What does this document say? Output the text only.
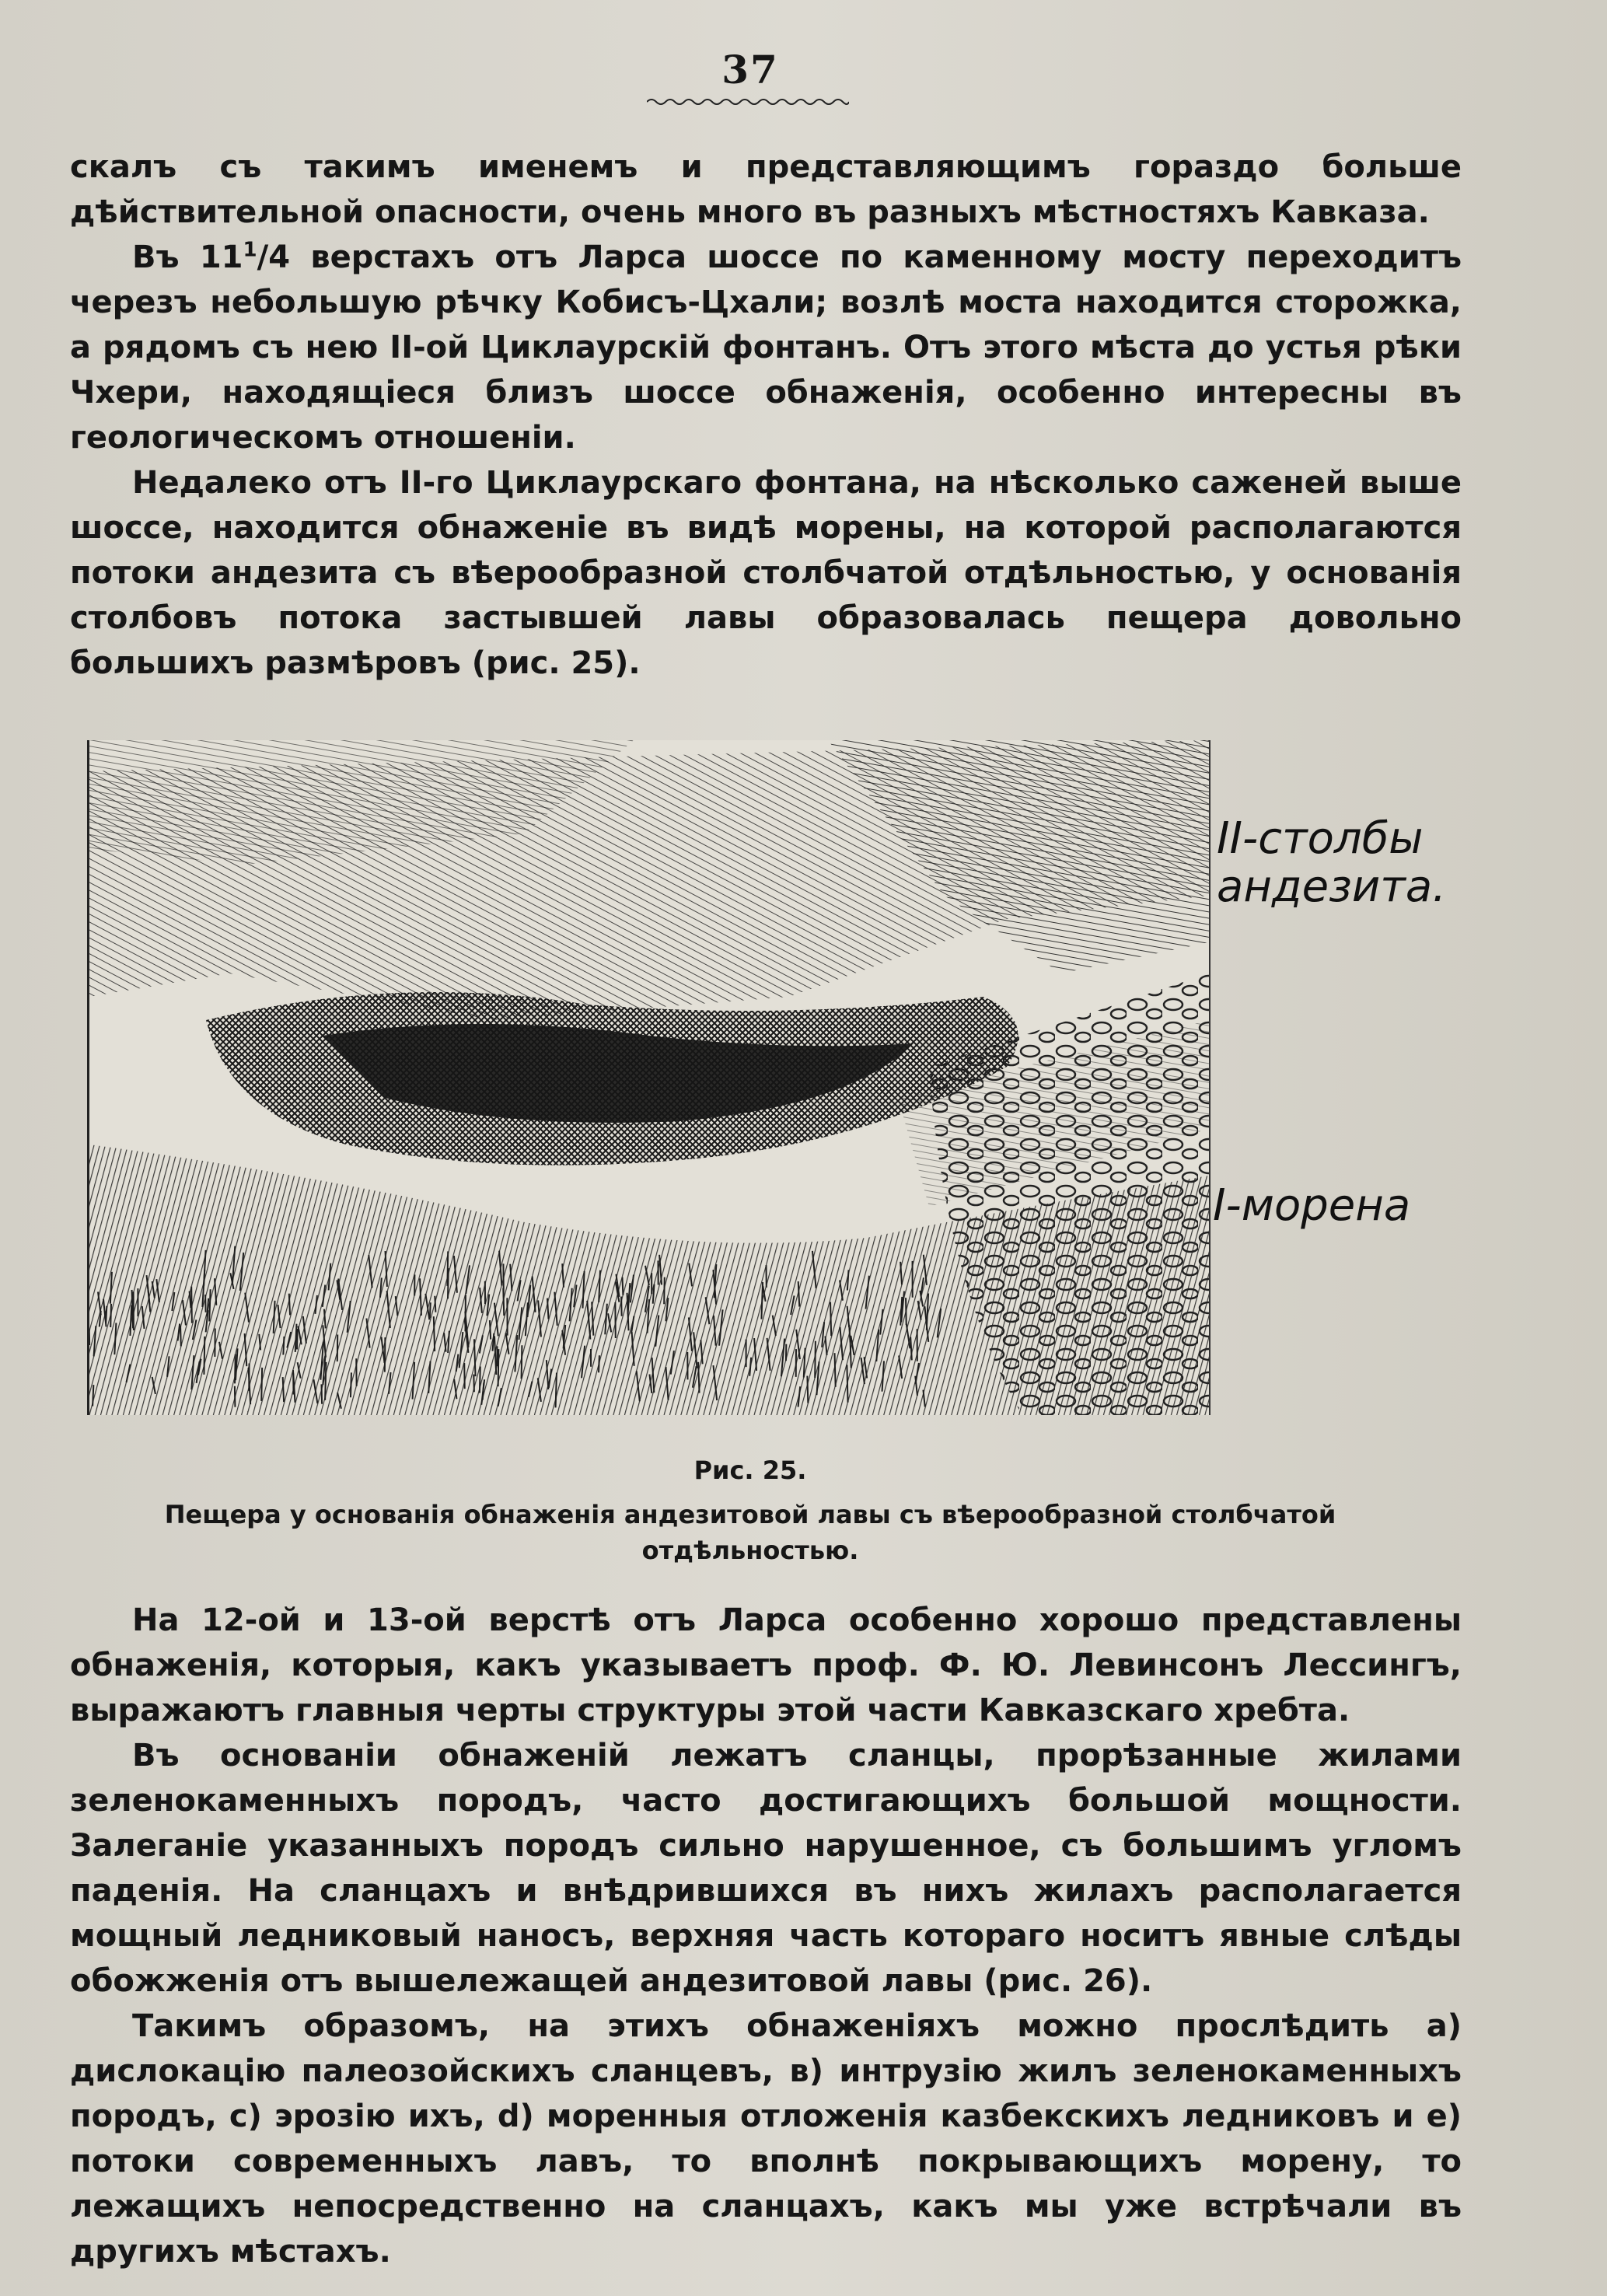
37

скалъ съ такимъ именемъ и представляющимъ гораздо больше дѣйствительной опасности, очень много въ разныхъ мѣстностяхъ Кавказа.

Въ $11^1/4$ верстахъ отъ Ларса шоссе по каменному мосту переходитъ черезъ небольшую рѣчку Кобисъ-Цхали; возлѣ моста находится сторожка, а рядомъ съ нею II-ой Циклаурскій фонтанъ. Отъ этого мѣста до устья рѣки Чхери, находящіеся близъ шоссе обнаженія, особенно интересны въ геологическомъ отношеніи.

Недалеко отъ II-го Циклаурскаго фонтана, на нѣсколько саженей выше шоссе, находится обнаженіе въ видѣ морены, на которой располагаются потоки андезита съ вѣерообразной столбчатой отдѣльностью, у основанія столбовъ потока застывшей лавы образовалась пещера довольно большихъ размѣровъ (рис. 25).

II-столбы
андезита.
I-морена
Рис. 25.
Пещера у основанія обнаженія андезитовой лавы съ вѣерообразной столбчатой отдѣльностью.

На 12-ой и 13-ой верстѣ отъ Ларса особенно хорошо представлены обнаженія, которыя, какъ указываетъ проф. Ф. Ю. Левинсонъ Лессингъ, выражаютъ главныя черты структуры этой части Кавказскаго хребта.

Въ основаніи обнаженій лежатъ сланцы, прорѣзанные жилами зеленокаменныхъ породъ, часто достигающихъ большой мощности. Залеганіе указанныхъ породъ сильно нарушенное, съ большимъ угломъ паденія. На сланцахъ и внѣдрившихся въ нихъ жилахъ располагается мощный ледниковый наносъ, верхняя часть котораго носитъ явные слѣды обожженія отъ вышележащей андезитовой лавы (рис. 26).

Такимъ образомъ, на этихъ обнаженіяхъ можно прослѣдить а) дислокацію палеозойскихъ сланцевъ, в) интрузію жилъ зеленокаменныхъ породъ, с) эрозію ихъ, d) моренныя отложенія казбекскихъ ледниковъ и е) потоки современныхъ лавъ, то вполнѣ покрывающихъ морену, то лежащихъ непосредственно на сланцахъ, какъ мы уже встрѣчали въ другихъ мѣстахъ.
